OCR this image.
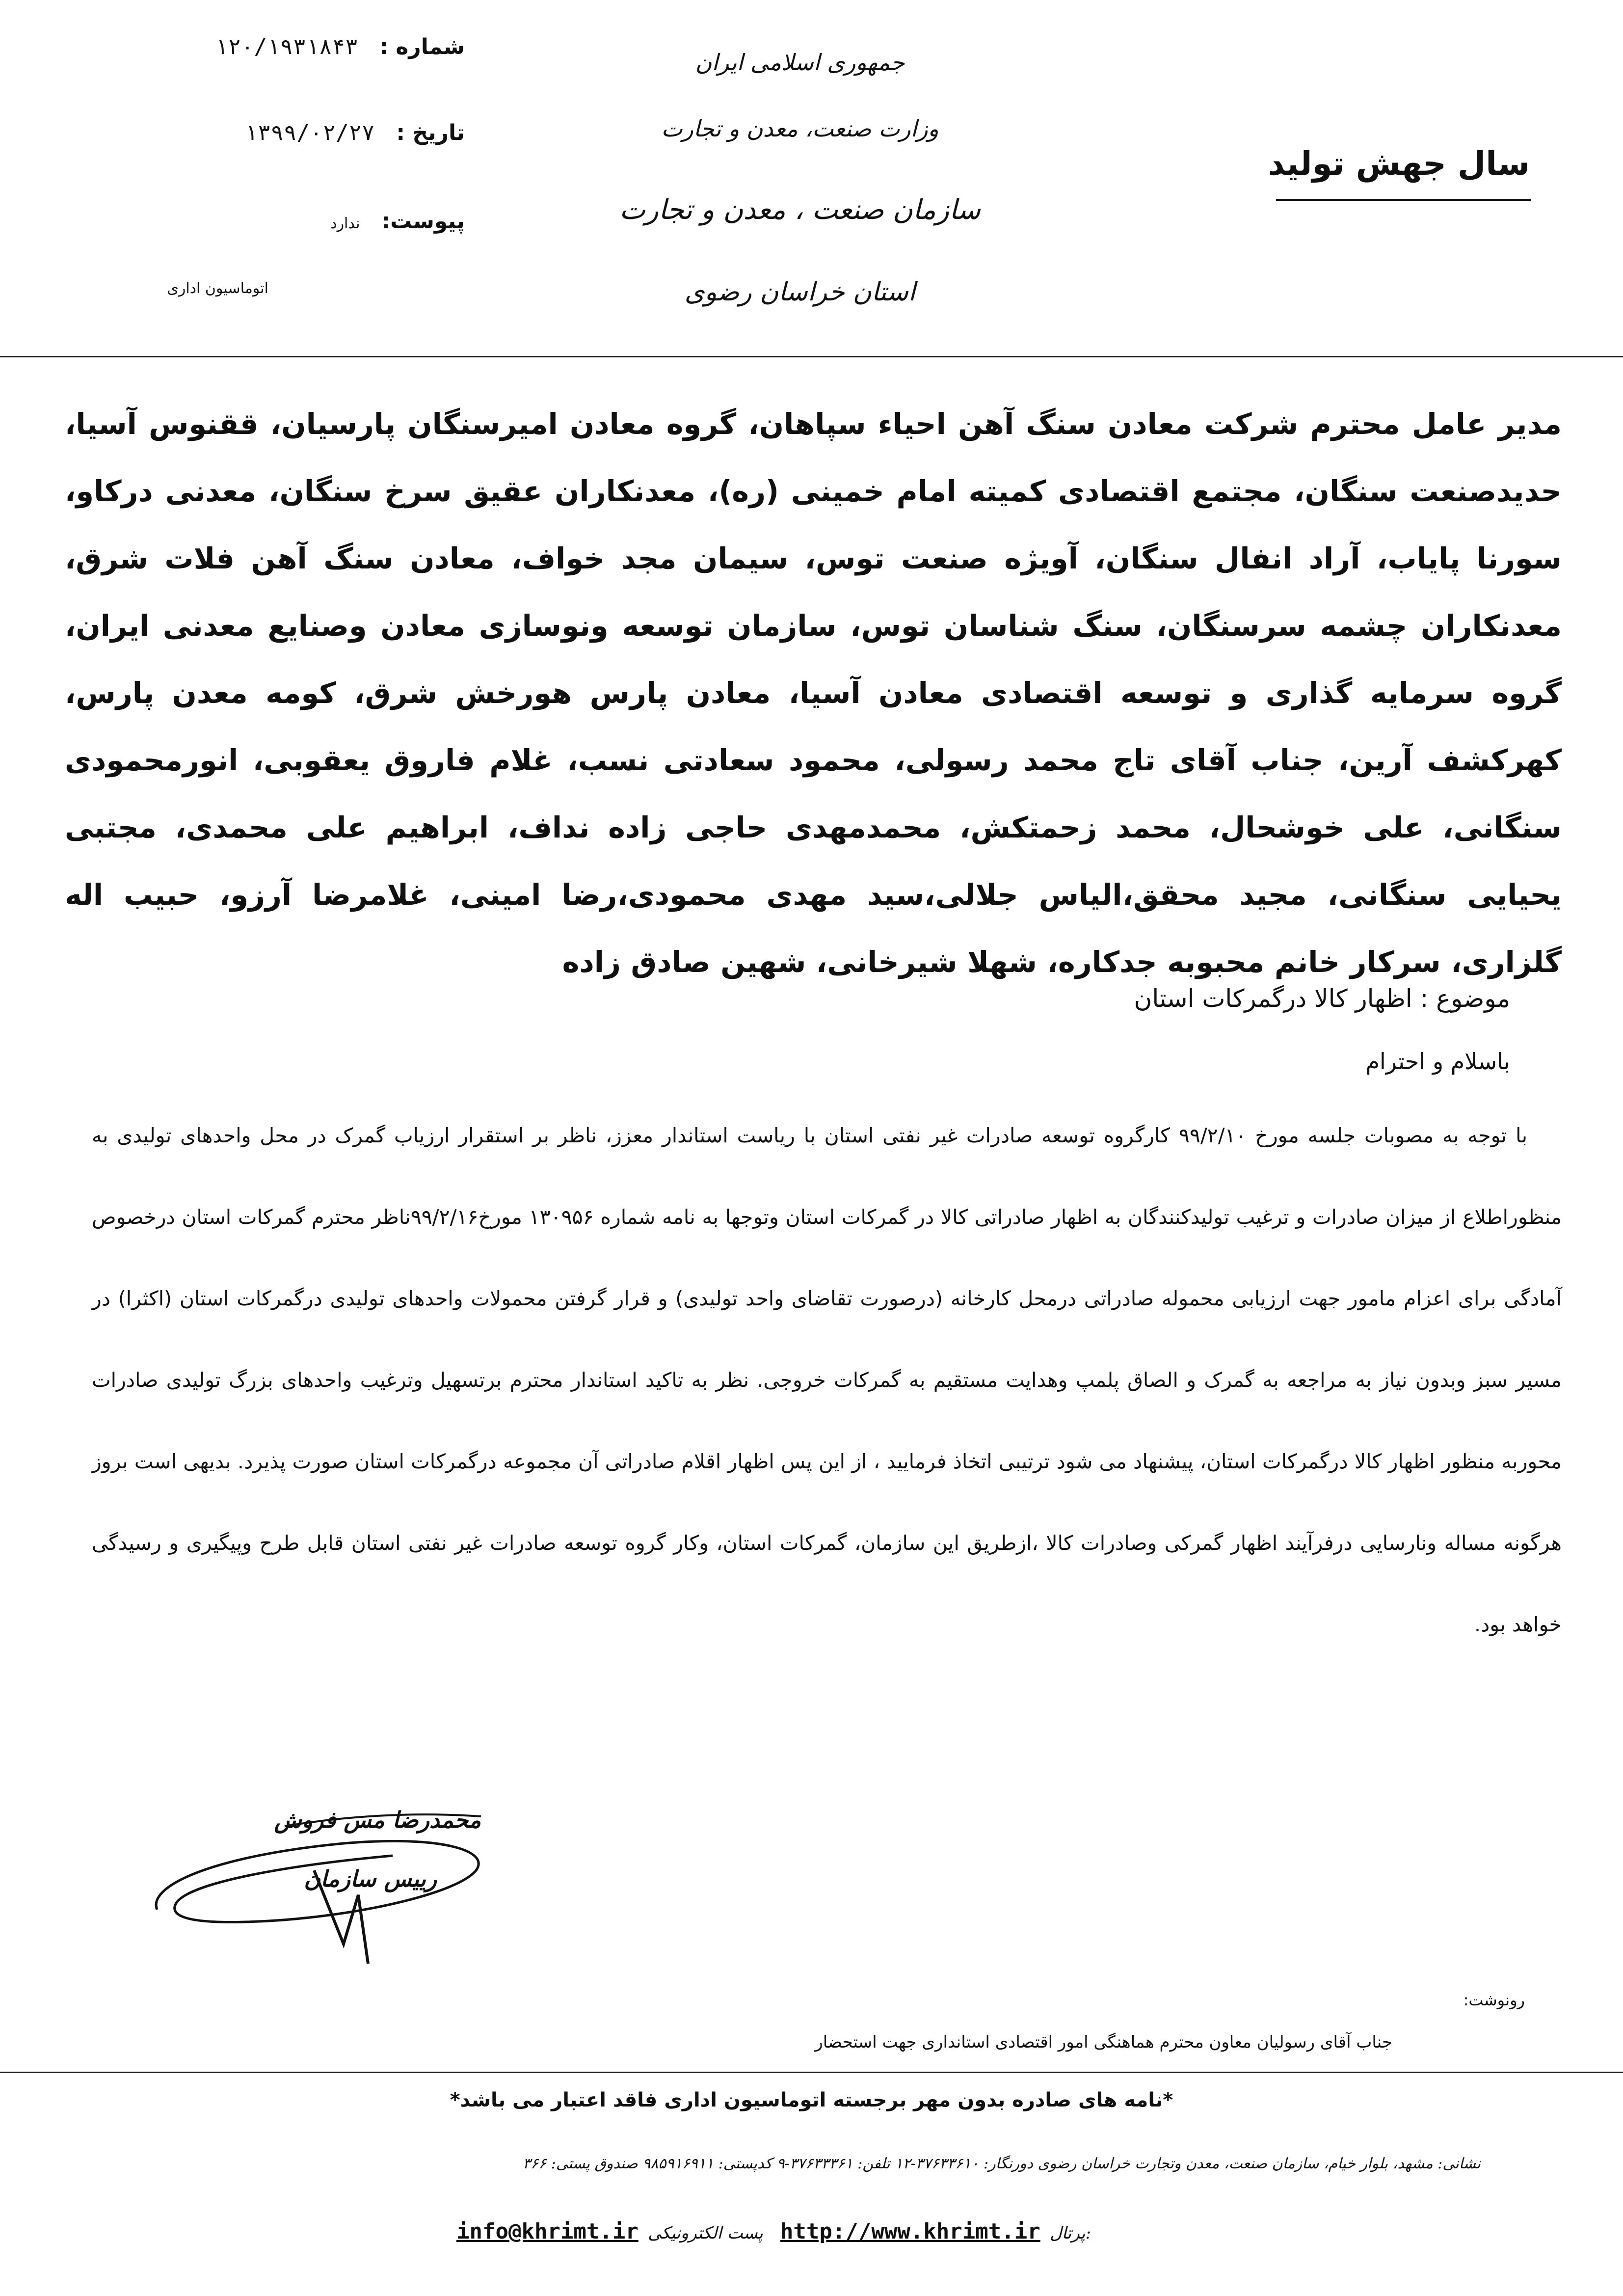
شماره : ۱۲۰/۱۹۳۱۸۴۳
تاریخ : ۱۳۹۹/۰۲/۲۷
پیوست: ندارد
اتوماسیون اداری
جمهوری اسلامی ایران
وزارت صنعت، معدن و تجارت
سازمان صنعت ، معدن و تجارت
استان خراسان رضوی
سال جهش تولید
مدیر عامل محترم شرکت معادن سنگ آهن احیاء سپاهان، گروه معادن امیرسنگان پارسیان، ققنوس آسیا، حدیدصنعت سنگان، مجتمع اقتصادی کمیته امام خمینی (ره)، معدنکاران عقیق سرخ سنگان، معدنی درکاو، سورنا پایاب، آراد انفال سنگان، آویژه صنعت توس، سیمان مجد خواف، معادن سنگ آهن فلات شرق، معدنکاران چشمه سرسنگان، سنگ شناسان توس، سازمان توسعه ونوسازی معادن وصنایع معدنی ایران، گروه سرمایه گذاری و توسعه اقتصادی معادن آسیا، معادن پارس هورخش شرق، کومه معدن پارس، کهرکشف آرین، جناب آقای تاج محمد رسولی، محمود سعادتی نسب، غلام فاروق یعقوبی، انورمحمودی سنگانی، علی خوشحال، محمد زحمتکش، محمدمهدی حاجی زاده نداف، ابراهیم علی محمدی، مجتبی یحیایی سنگانی، مجید محقق،الیاس جلالی،سید مهدی محمودی،رضا امینی، غلامرضا آرزو، حبیب اله گلزاری، سرکار خانم محبوبه جدکاره، شهلا شیرخانی، شهین صادق زاده
موضوع : اظهار کالا درگمرکات استان
باسلام و احترام

با توجه به مصوبات جلسه مورخ ۹۹/۲/۱۰ کارگروه توسعه صادرات غیر نفتی استان با ریاست استاندار معزز، ناظر بر استقرار ارزیاب گمرک در محل واحدهای تولیدی به منظوراطلاع از میزان صادرات و ترغیب تولیدکنندگان به اظهار صادراتی کالا در گمرکات استان وتوجها به نامه شماره ۱۳۰۹۵۶ مورخ۹۹/۲/۱۶ناظر محترم گمرکات استان درخصوص آمادگی برای اعزام مامور جهت ارزیابی محموله صادراتی درمحل کارخانه (درصورت تقاضای واحد تولیدی) و قرار گرفتن محمولات واحدهای تولیدی درگمرکات استان (اکثرا) در مسیر سبز وبدون نیاز به مراجعه به گمرک و الصاق پلمپ وهدایت مستقیم به گمرکات خروجی. نظر به تاکید استاندار محترم برتسهیل وترغیب واحدهای بزرگ تولیدی صادرات محوربه منظور اظهار کالا درگمرکات استان، پیشنهاد می شود ترتیبی اتخاذ فرمایید ، از این پس اظهار اقلام صادراتی آن مجموعه درگمرکات استان صورت پذیرد. بدیهی است بروز هرگونه مساله ونارسایی درفرآیند اظهار گمرکی وصادرات کالا ،ازطریق این سازمان، گمرکات استان، وکار گروه توسعه صادرات غیر نفتی استان قابل طرح وپیگیری و رسیدگی خواهد بود.

محمدرضا مس فروش
رییس سازمان
رونوشت:
جناب آقای رسولیان معاون محترم هماهنگی امور اقتصادی استانداری جهت استحضار
*نامه های صادره بدون مهر برجسته اتوماسیون اداری فاقد اعتبار می باشد*
نشانی: مشهد، بلوار خیام، سازمان صنعت، معدن وتجارت خراسان رضوی دورنگار: ۳۷۶۳۳۶۱۰-۱۲ تلفن: ۳۷۶۳۳۳۶۱-۹ کدپستی: ۹۸۵۹۱۶۹۱۱ صندوق پستی: ۳۶۶
info@khrimt.ir پست الکترونیکی http://www.khrimt.ir پرتال:
